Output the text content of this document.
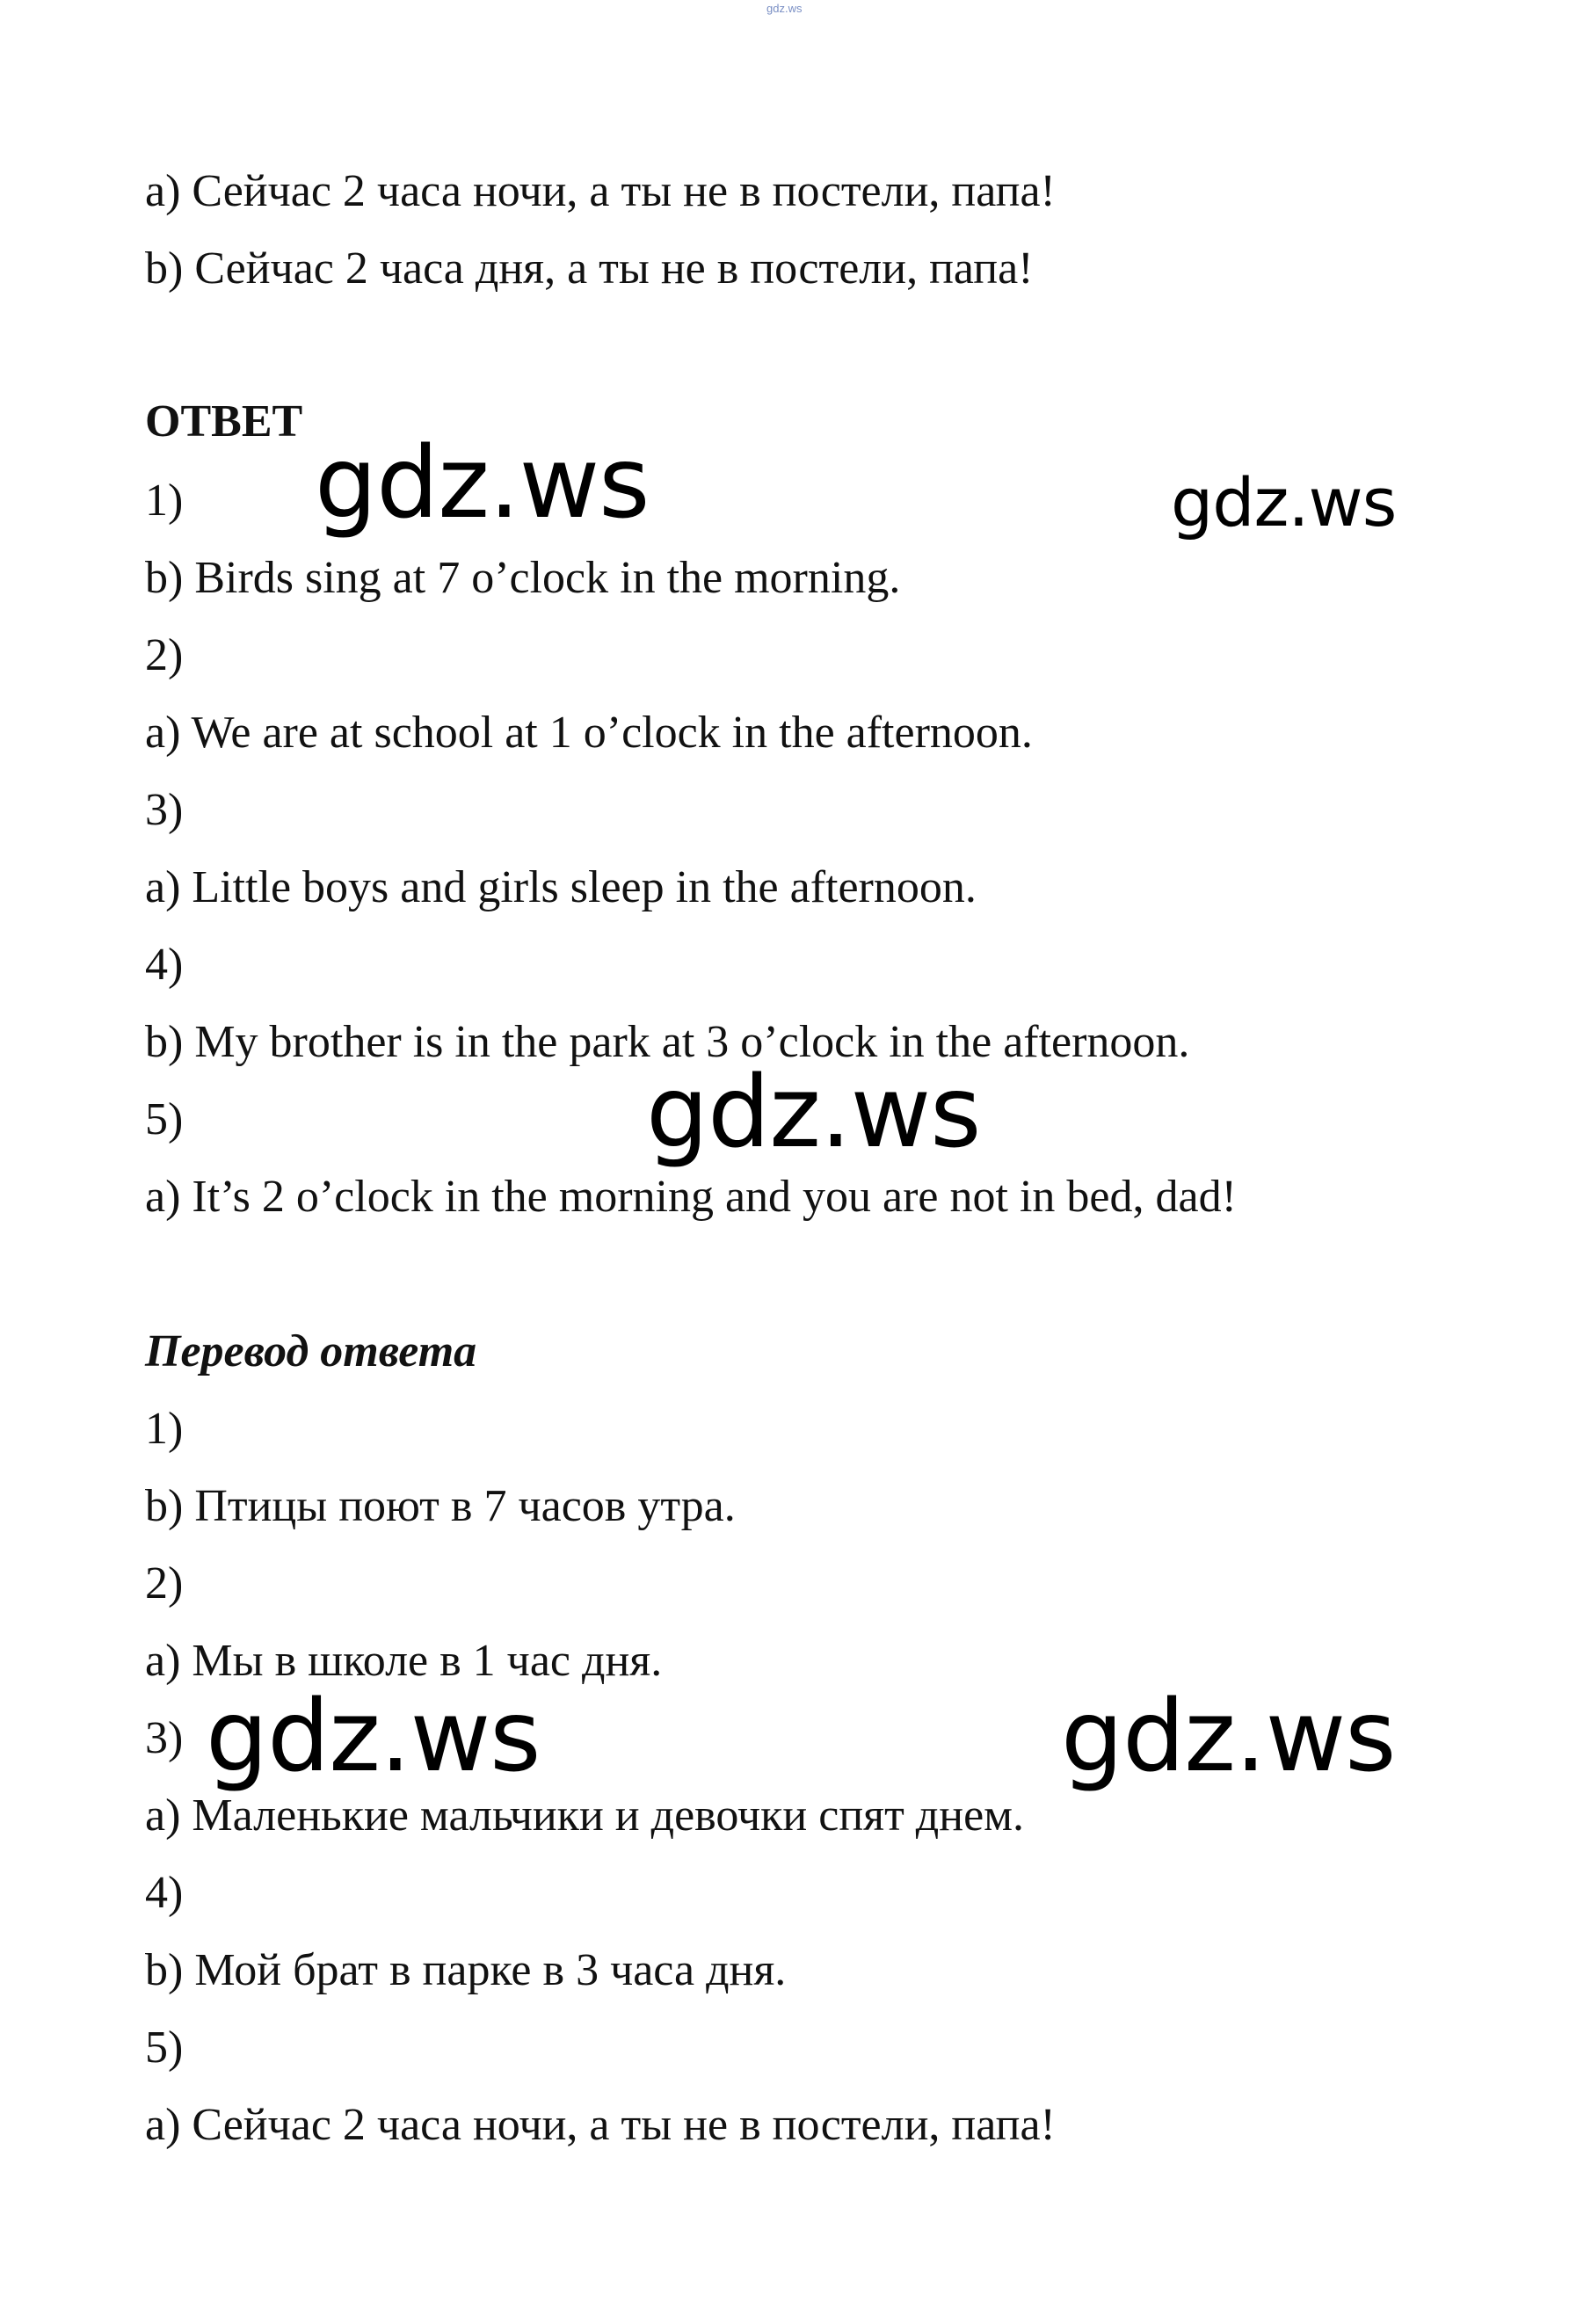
gdz.ws
a) Сейчас 2 часа ночи, а ты не в постели, папа!
b) Сейчас 2 часа дня, а ты не в постели, папа!
ОТВЕТ
1)
b) Birds sing at 7 o’clock in the morning.
2)
a) We are at school at 1 o’clock in the afternoon.
3)
a) Little boys and girls sleep in the afternoon.
4)
b) My brother is in the park at 3 o’clock in the afternoon.
5)
a) It’s 2 o’clock in the morning and you are not in bed, dad!
Перевод ответа
1)
b) Птицы поют в 7 часов утра.
2)
a) Мы в школе в 1 час дня.
3)
a) Маленькие мальчики и девочки спят днем.
4)
b) Мой брат в парке в 3 часа дня.
5)
a) Сейчас 2 часа ночи, а ты не в постели, папа!
gdz.ws	gdz.ws
gdz.ws
gdz.ws	gdz.ws
